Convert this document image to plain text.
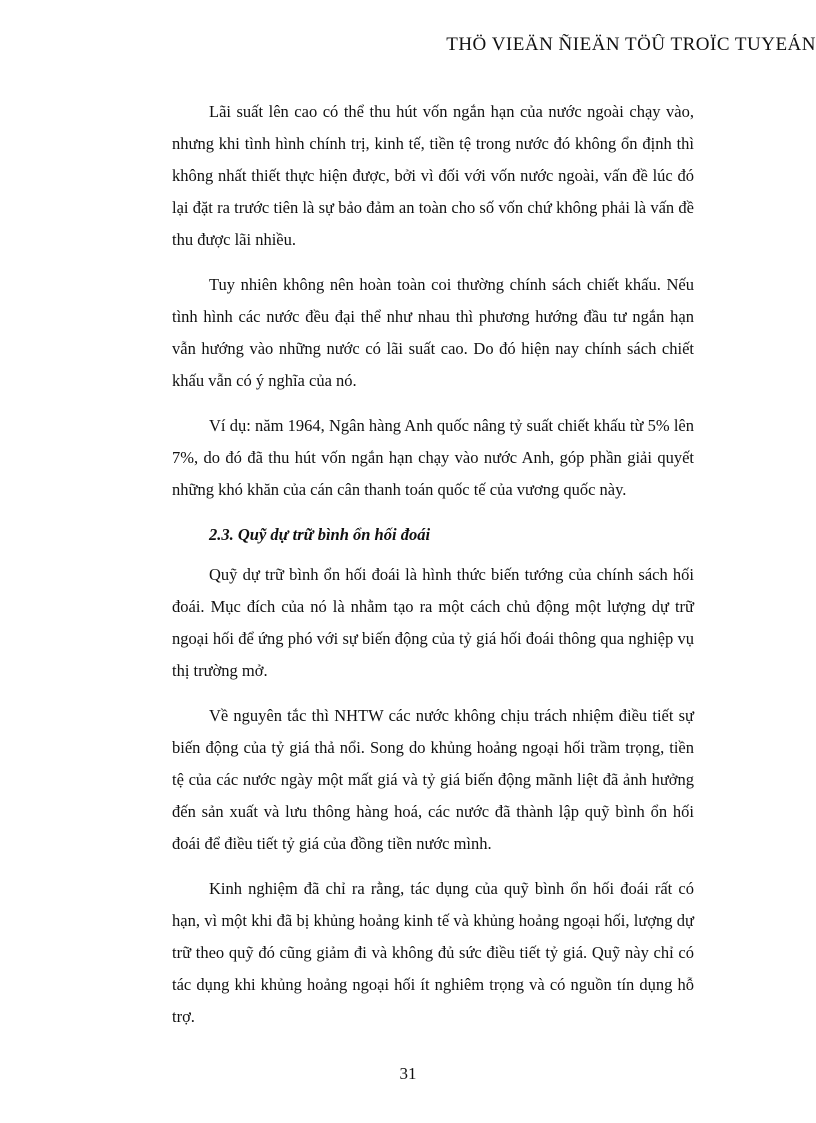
THÖ VIEÄN ÑIEÄN TÖÛ TROÏC TUYEÁN

Lãi suất lên cao có thể thu hút vốn ngắn hạn của nước ngoài chạy vào, nhưng khi tình hình chính trị, kinh tế, tiền tệ trong nước đó không ổn định thì không nhất thiết thực hiện được, bởi vì đối với vốn nước ngoài, vấn đề lúc đó lại đặt ra trước tiên là sự bảo đảm an toàn cho số vốn chứ không phải là vấn đề thu được lãi nhiều.

Tuy nhiên không nên hoàn toàn coi thường chính sách chiết khấu. Nếu tình hình các nước đều đại thể như nhau thì phương hướng đầu tư ngắn hạn vẫn hướng vào những nước có lãi suất cao. Do đó hiện nay chính sách chiết khấu vẫn có ý nghĩa của nó.

Ví dụ: năm 1964, Ngân hàng Anh quốc nâng tỷ suất chiết khấu từ 5% lên 7%, do đó đã thu hút vốn ngắn hạn chạy vào nước Anh, góp phần giải quyết những khó khăn của cán cân thanh toán quốc tế của vương quốc này.

2.3. Quỹ dự trữ bình ổn hối đoái

Quỹ dự trữ bình ổn hối đoái là hình thức biến tướng của chính sách hối đoái. Mục đích của nó là nhằm tạo ra một cách chủ động một lượng dự trữ ngoại hối để ứng phó với sự biến động của tỷ giá hối đoái thông qua nghiệp vụ thị trường mở.

Về nguyên tắc thì NHTW các nước không chịu trách nhiệm điều tiết sự biến động của tỷ giá thả nổi. Song do khủng hoảng ngoại hối trầm trọng, tiền tệ của các nước ngày một mất giá và tỷ giá biến động mãnh liệt đã ảnh hưởng đến sản xuất và lưu thông hàng hoá, các nước đã thành lập quỹ bình ổn hối đoái để điều tiết tỷ giá của đồng tiền nước mình.

Kinh nghiệm đã chỉ ra rằng, tác dụng của quỹ bình ổn hối đoái rất có hạn, vì một khi đã bị khủng hoảng kinh tế và khủng hoảng ngoại hối, lượng dự trữ theo quỹ đó cũng giảm đi và không đủ sức điều tiết tỷ giá. Quỹ này chỉ có tác dụng khi khủng hoảng ngoại hối ít nghiêm trọng và có nguồn tín dụng hỗ trợ.

31
